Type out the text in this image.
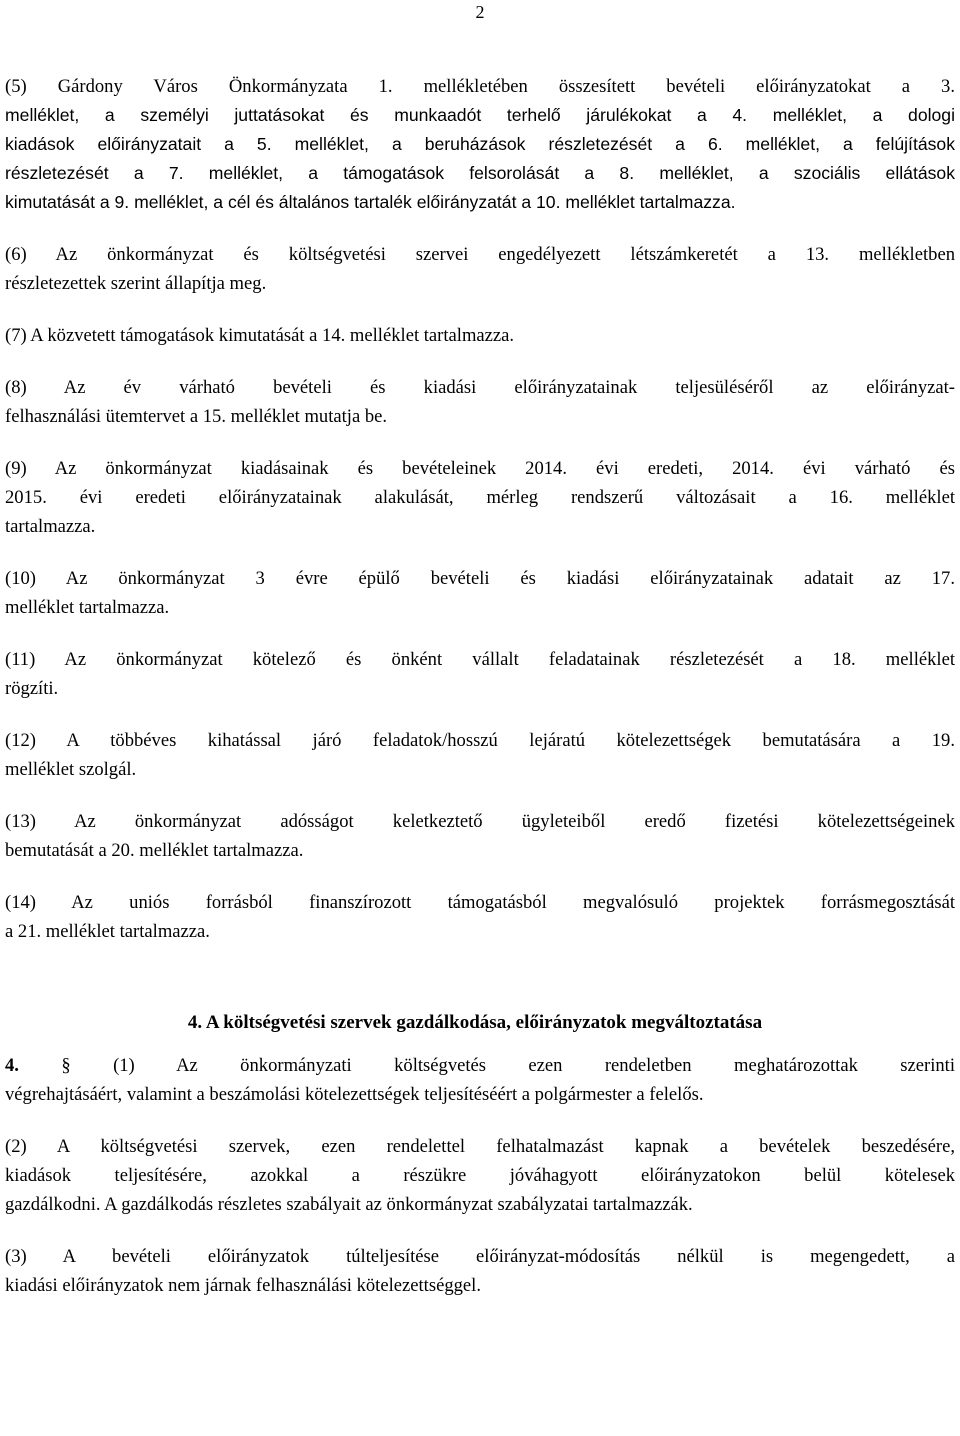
2
(5) Gárdony Város Önkormányzata 1. mellékletében összesített bevételi előirányzatokat a 3.
melléklet, a személyi juttatásokat és munkaadót terhelő járulékokat a 4. melléklet, a dologi
kiadások előirányzatait a 5. melléklet, a beruházások részletezését a 6. melléklet, a felújítások
részletezését a 7. melléklet, a támogatások felsorolását a 8. melléklet, a szociális ellátások
kimutatását a 9. melléklet, a cél és általános tartalék előirányzatát a 10. melléklet tartalmazza.
(6) Az önkormányzat és költségvetési szervei engedélyezett létszámkeretét a 13. mellékletben
részletezettek szerint állapítja meg.
(7) A közvetett támogatások kimutatását a 14. melléklet tartalmazza.
(8) Az év várható bevételi és kiadási előirányzatainak teljesüléséről az előirányzat-
felhasználási ütemtervet a 15. melléklet mutatja be.
(9) Az önkormányzat kiadásainak és bevételeinek 2014. évi eredeti, 2014. évi várható és
2015. évi eredeti előirányzatainak alakulását, mérleg rendszerű változásait a 16. melléklet
tartalmazza.
(10) Az önkormányzat 3 évre épülő bevételi és kiadási előirányzatainak adatait az 17.
melléklet tartalmazza.
(11) Az önkormányzat kötelező és önként vállalt feladatainak részletezését a 18. melléklet
rögzíti.
(12) A többéves kihatással járó feladatok/hosszú lejáratú kötelezettségek bemutatására a 19.
melléklet szolgál.
(13) Az önkormányzat adósságot keletkeztető ügyleteiből eredő fizetési kötelezettségeinek
bemutatását a 20. melléklet tartalmazza.
(14) Az uniós forrásból finanszírozott támogatásból megvalósuló projektek forrásmegosztását
a 21. melléklet tartalmazza.
4. A költségvetési szervek gazdálkodása, előirányzatok megváltoztatása
4. § (1) Az önkormányzati költségvetés ezen rendeletben meghatározottak szerinti
végrehajtásáért, valamint a beszámolási kötelezettségek teljesítéséért a polgármester a felelős.
(2) A költségvetési szervek, ezen rendelettel felhatalmazást kapnak a bevételek beszedésére,
kiadások teljesítésére, azokkal a részükre jóváhagyott előirányzatokon belül kötelesek
gazdálkodni. A gazdálkodás részletes szabályait az önkormányzat szabályzatai tartalmazzák.
(3) A bevételi előirányzatok túlteljesítése előirányzat-módosítás nélkül is megengedett, a
kiadási előirányzatok nem járnak felhasználási kötelezettséggel.
